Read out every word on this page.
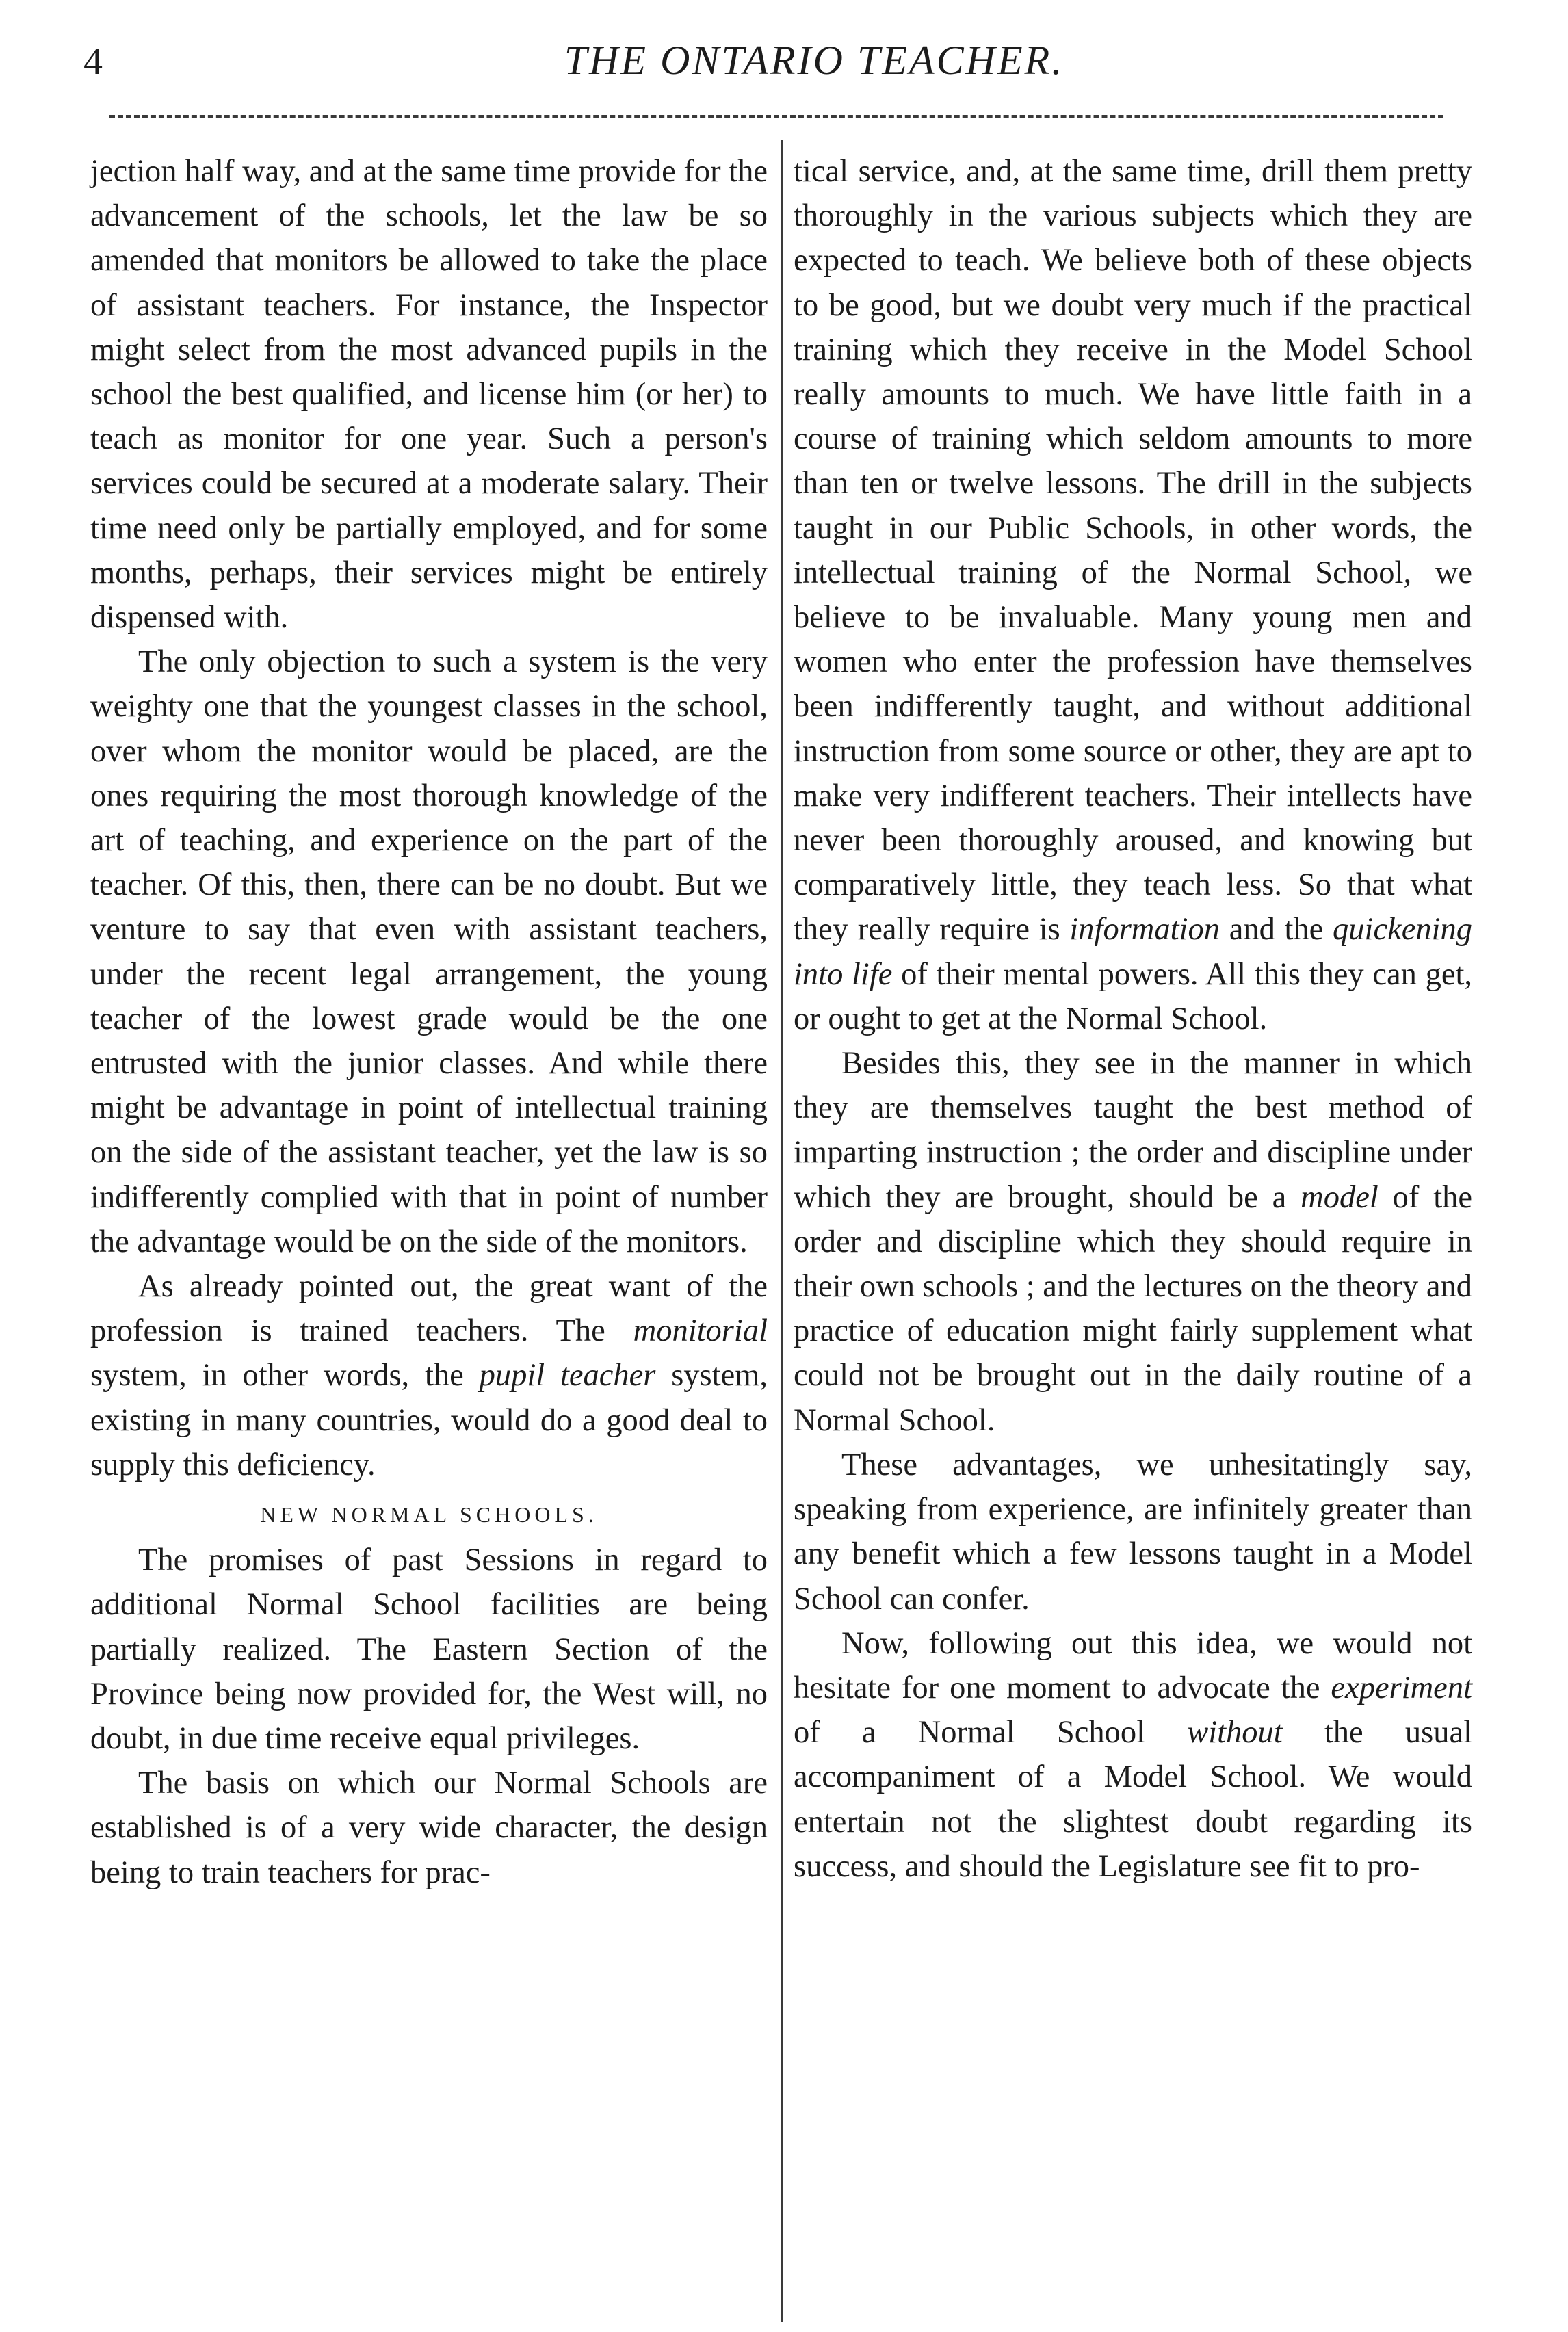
4	THE ONTARIO TEACHER.

jection half way, and at the same time provide for the advancement of the schools, let the law be so amended that monitors be allowed to take the place of assistant teachers. For instance, the Inspector might select from the most advanced pupils in the school the best qualified, and license him (or her) to teach as monitor for one year. Such a person's services could be secured at a moderate salary. Their time need only be partially employed, and for some months, perhaps, their services might be entirely dispensed with.

The only objection to such a system is the very weighty one that the youngest classes in the school, over whom the monitor would be placed, are the ones requiring the most thorough knowledge of the art of teaching, and experience on the part of the teacher. Of this, then, there can be no doubt. But we venture to say that even with assistant teachers, under the recent legal arrangement, the young teacher of the lowest grade would be the one entrusted with the junior classes. And while there might be advantage in point of intellectual training on the side of the assistant teacher, yet the law is so indifferently complied with that in point of number the advantage would be on the side of the monitors.

As already pointed out, the great want of the profession is trained teachers. The monitorial system, in other words, the pupil teacher system, existing in many countries, would do a good deal to supply this deficiency.

NEW NORMAL SCHOOLS.

The promises of past Sessions in regard to additional Normal School facilities are being partially realized. The Eastern Section of the Province being now provided for, the West will, no doubt, in due time receive equal privileges.

The basis on which our Normal Schools are established is of a very wide character, the design being to train teachers for prac-

tical service, and, at the same time, drill them pretty thoroughly in the various subjects which they are expected to teach. We believe both of these objects to be good, but we doubt very much if the practical training which they receive in the Model School really amounts to much. We have little faith in a course of training which seldom amounts to more than ten or twelve lessons. The drill in the subjects taught in our Public Schools, in other words, the intellectual training of the Normal School, we believe to be invaluable. Many young men and women who enter the profession have themselves been indifferently taught, and without additional instruction from some source or other, they are apt to make very indifferent teachers. Their intellects have never been thoroughly aroused, and knowing but comparatively little, they teach less. So that what they really require is information and the quickening into life of their mental powers. All this they can get, or ought to get at the Normal School.

Besides this, they see in the manner in which they are themselves taught the best method of imparting instruction ; the order and discipline under which they are brought, should be a model of the order and discipline which they should require in their own schools ; and the lectures on the theory and practice of education might fairly supplement what could not be brought out in the daily routine of a Normal School.

These advantages, we unhesitatingly say, speaking from experience, are infinitely greater than any benefit which a few lessons taught in a Model School can confer.

Now, following out this idea, we would not hesitate for one moment to advocate the experiment of a Normal School without the usual accompaniment of a Model School. We would entertain not the slightest doubt regarding its success, and should the Legislature see fit to pro-
